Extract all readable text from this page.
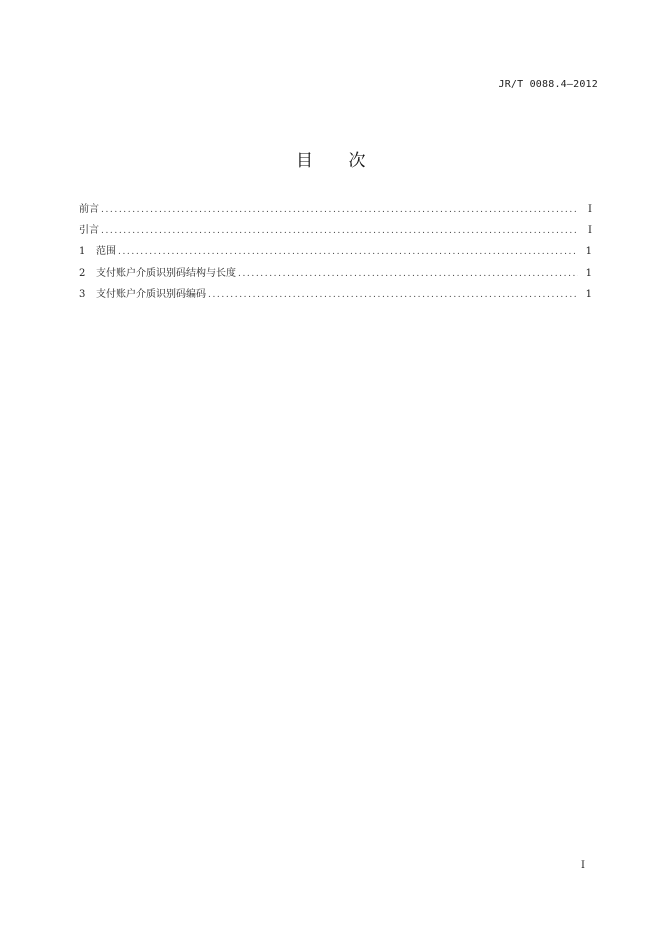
JR/T 0088.4—2012
目　　次
前言 .....	I
引言 .....	I
1	范围 .....	1
2	支付账户介质识别码结构与长度 .....	1
3	支付账户介质识别码编码 .....	1
I
